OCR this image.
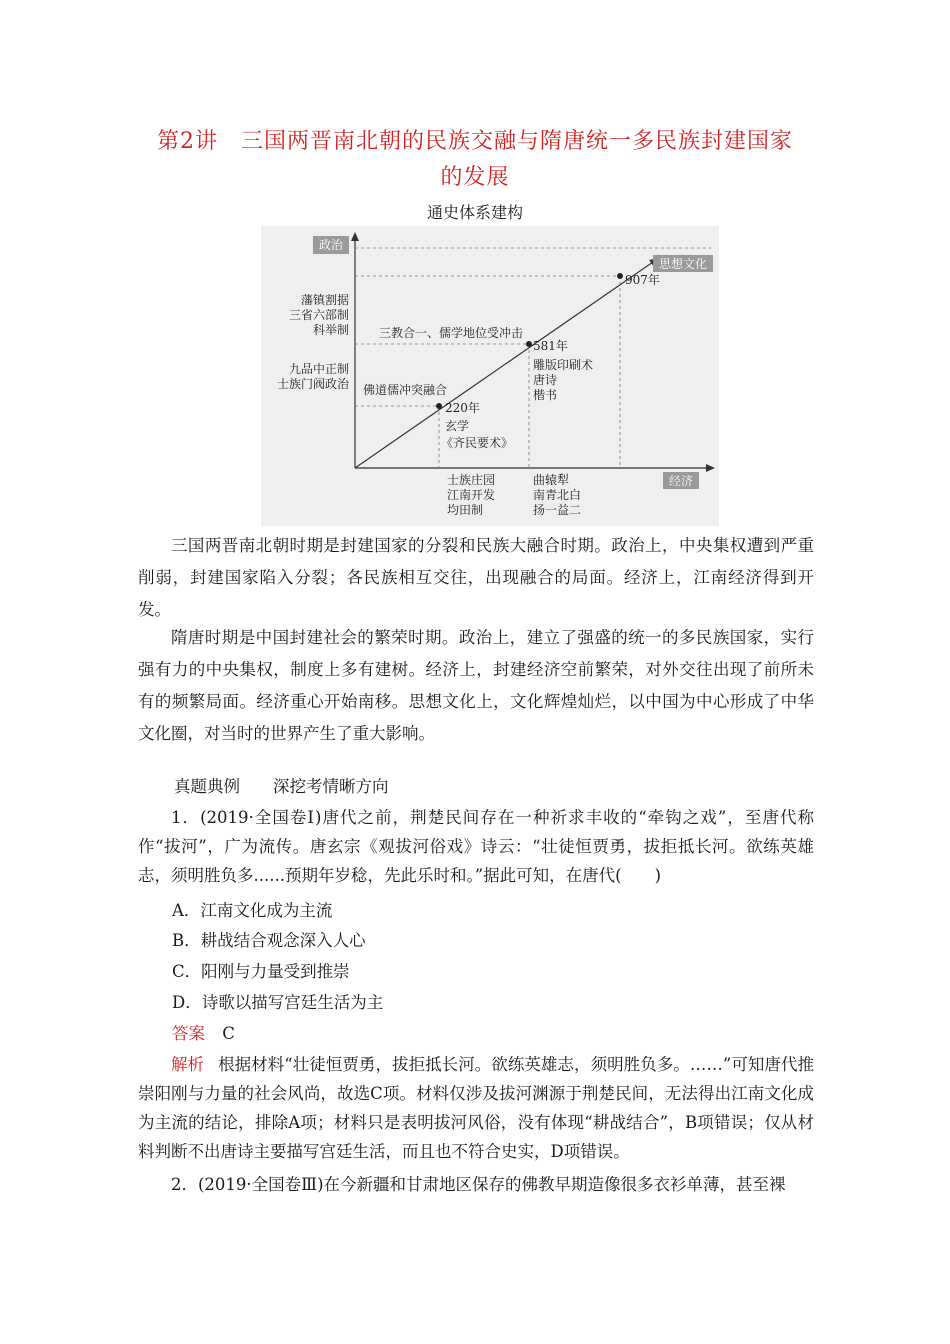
第2讲　三国两晋南北朝的民族交融与隋唐统一多民族封建国家
的发展
通史体系建构
政治
思想文化
经济
藩镇割据
三省六部制
科举制
九品中正制
士族门阀政治
907年
581年
220年
三教合一、儒学地位受冲击
佛道儒冲突融合
雕版印刷术
唐诗
楷书
玄学
《齐民要术》
士族庄园
江南开发
均田制
曲辕犁
南青北白
扬一益二

三国两晋南北朝时期是封建国家的分裂和民族大融合时期。政治上，中央集权遭到严重削弱，封建国家陷入分裂；各民族相互交往，出现融合的局面。经济上，江南经济得到开发。

隋唐时期是中国封建社会的繁荣时期。政治上，建立了强盛的统一的多民族国家，实行强有力的中央集权，制度上多有建树。经济上，封建经济空前繁荣，对外交往出现了前所未有的频繁局面。经济重心开始南移。思想文化上，文化辉煌灿烂，以中国为中心形成了中华文化圈，对当时的世界产生了重大影响。

真题典例　　深挖考情晰方向

1．(2019·全国卷Ⅰ)唐代之前，荆楚民间存在一种祈求丰收的“牵钩之戏”，至唐代称作“拔河”，广为流传。唐玄宗《观拔河俗戏》诗云：“壮徒恒贾勇，拔拒抵长河。欲练英雄志，须明胜负多......预期年岁稔，先此乐时和。”据此可知，在唐代(　　)

A．江南文化成为主流
B．耕战结合观念深入人心
C．阳刚与力量受到推崇
D．诗歌以描写宫廷生活为主
答案 C
解析 根据材料“壮徒恒贾勇，拔拒抵长河。欲练英雄志，须明胜负多。……”可知唐代推崇阳刚与力量的社会风尚，故选C项。材料仅涉及拔河渊源于荆楚民间，无法得出江南文化成为主流的结论，排除A项；材料只是表明拔河风俗，没有体现“耕战结合”，B项错误；仅从材料判断不出唐诗主要描写宫廷生活，而且也不符合史实，D项错误。

2．(2019·全国卷Ⅲ)在今新疆和甘肃地区保存的佛教早期造像很多衣衫单薄，甚至裸
